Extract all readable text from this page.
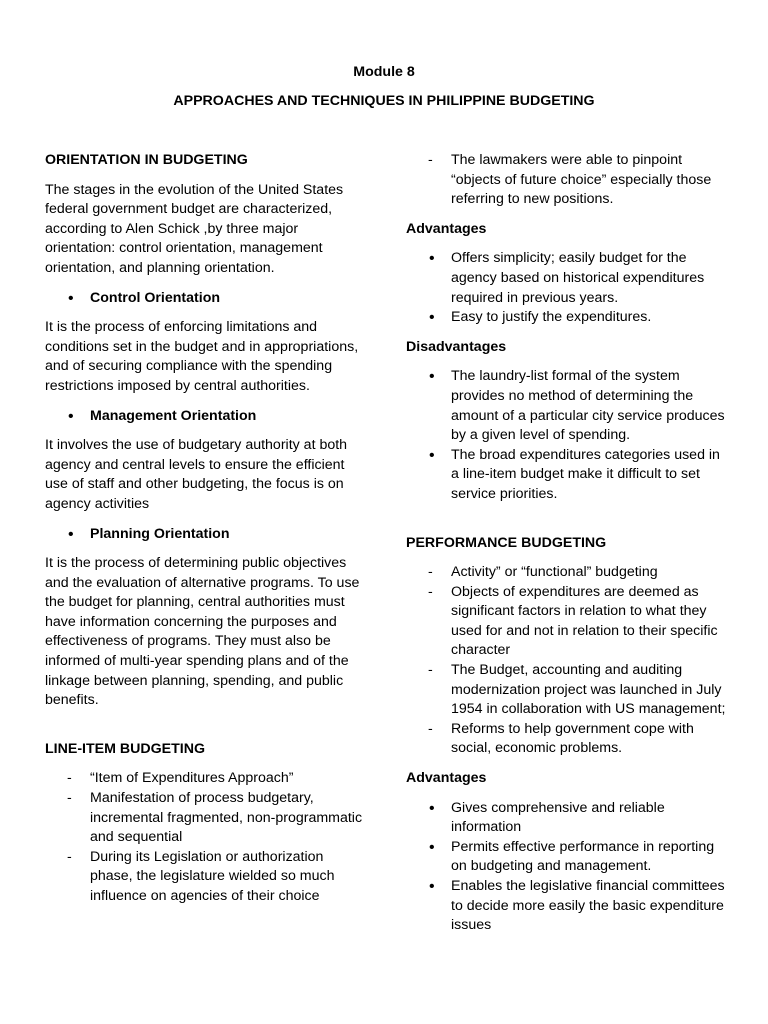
Module 8
APPROACHES AND TECHNIQUES IN PHILIPPINE BUDGETING
ORIENTATION IN BUDGETING

The stages in the evolution of the United States federal government budget are characterized, according to Alen Schick ,by three major orientation: control orientation, management orientation, and planning orientation.

• Control Orientation

It is the process of enforcing limitations and conditions set in the budget and in appropriations, and of securing compliance with the spending restrictions imposed by central authorities.

• Management Orientation

It involves the use of budgetary authority at both agency and central levels to ensure the efficient use of staff and other budgeting, the focus is on agency activities

• Planning Orientation

It is the process of determining public objectives and the evaluation of alternative programs. To use the budget for planning, central authorities must have information concerning the purposes and effectiveness of programs. They must also be informed of multi-year spending plans and of the linkage between planning, spending, and public benefits.

LINE-ITEM BUDGETING
- “Item of Expenditures Approach”
- Manifestation of process budgetary, incremental fragmented, non-programmatic and sequential
- During its Legislation or authorization phase, the legislature wielded so much influence on agencies of their choice
- The lawmakers were able to pinpoint “objects of future choice” especially those referring to new positions.
Advantages
• Offers simplicity; easily budget for the agency based on historical expenditures required in previous years.
• Easy to justify the expenditures.
Disadvantages
• The laundry-list formal of the system provides no method of determining the amount of a particular city service produces by a given level of spending.
• The broad expenditures categories used in a line-item budget make it difficult to set service priorities.
PERFORMANCE BUDGETING
- Activity” or “functional” budgeting
- Objects of expenditures are deemed as significant factors in relation to what they used for and not in relation to their specific character
- The Budget, accounting and auditing modernization project was launched in July 1954 in collaboration with US management;
- Reforms to help government cope with social, economic problems.
Advantages
• Gives comprehensive and reliable information
• Permits effective performance in reporting on budgeting and management.
• Enables the legislative financial committees to decide more easily the basic expenditure issues
